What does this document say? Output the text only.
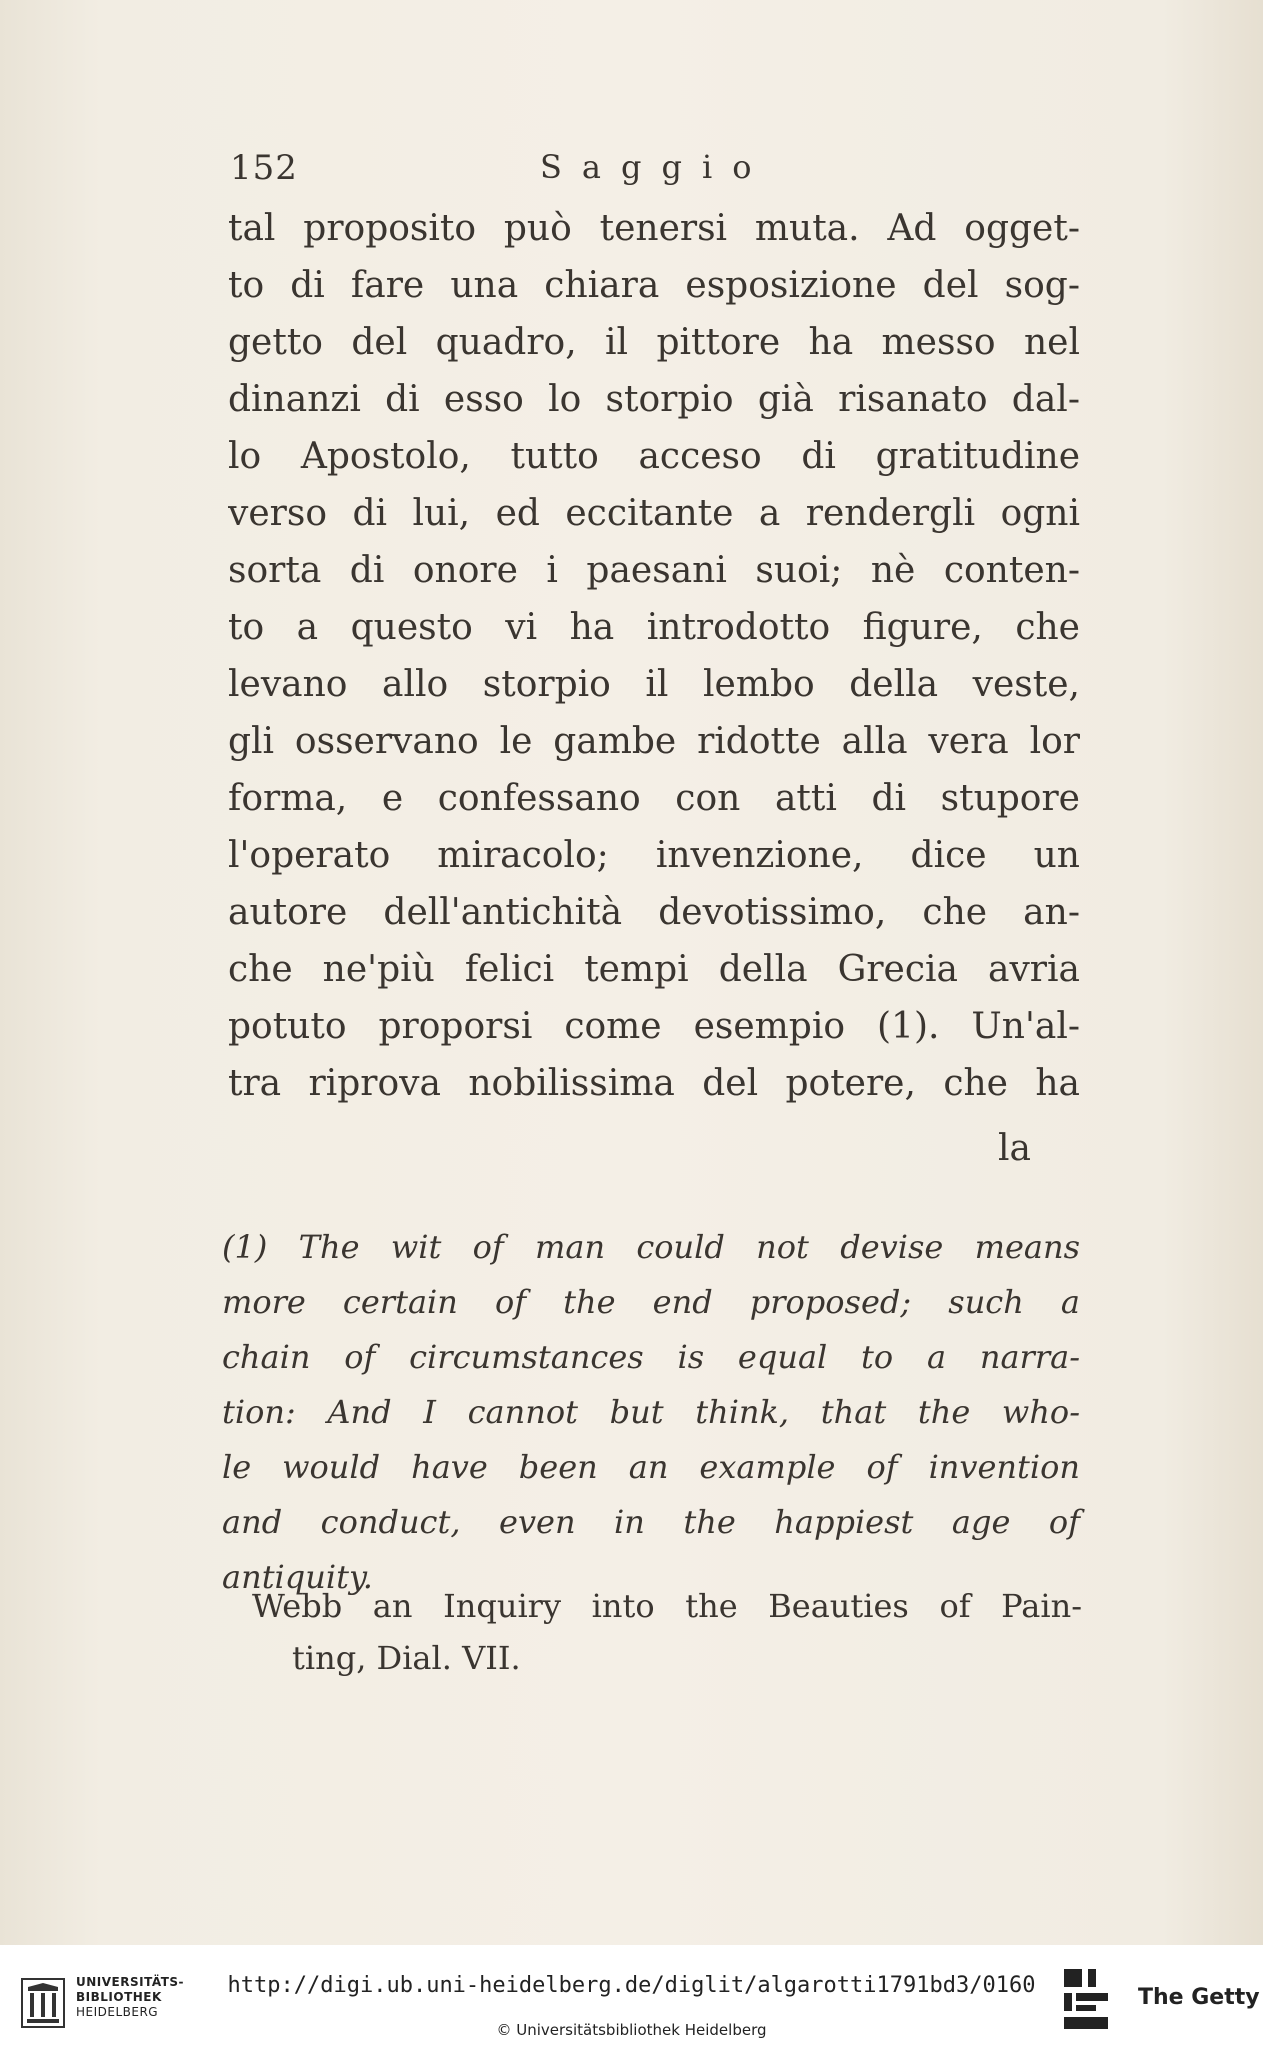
152	Saggio
tal proposito può tenersi muta. Ad ogget-
to di fare una chiara esposizione del sog-
getto del quadro, il pittore ha messo nel
dinanzi di esso lo storpio già risanato dal-
lo Apostolo, tutto acceso di gratitudine
verso di lui, ed eccitante a rendergli ogni
sorta di onore i paesani suoi; nè conten-
to a questo vi ha introdotto figure, che
levano allo storpio il lembo della veste,
gli osservano le gambe ridotte alla vera lor
forma, e confessano con atti di stupore
l'operato miracolo; invenzione, dice un
autore dell'antichità devotissimo, che an-
che ne'più felici tempi della Grecia avria
potuto proporsi come esempio (1). Un'al-
tra riprova nobilissima del potere, che ha
la
(1) The wit of man could not devise means
more certain of the end proposed; such a
chain of circumstances is equal to a narra-
tion: And I cannot but think, that the who-
le would have been an example of invention
and conduct, even in the happiest age of
antiquity.
Webb an Inquiry into the Beauties of Pain-
ting, Dial. VII.
UNIVERSITÄTS-
BIBLIOTHEK
HEIDELBERG
http://digi.ub.uni-heidelberg.de/diglit/algarotti1791bd3/0160
© Universitätsbibliothek Heidelberg
The Getty
